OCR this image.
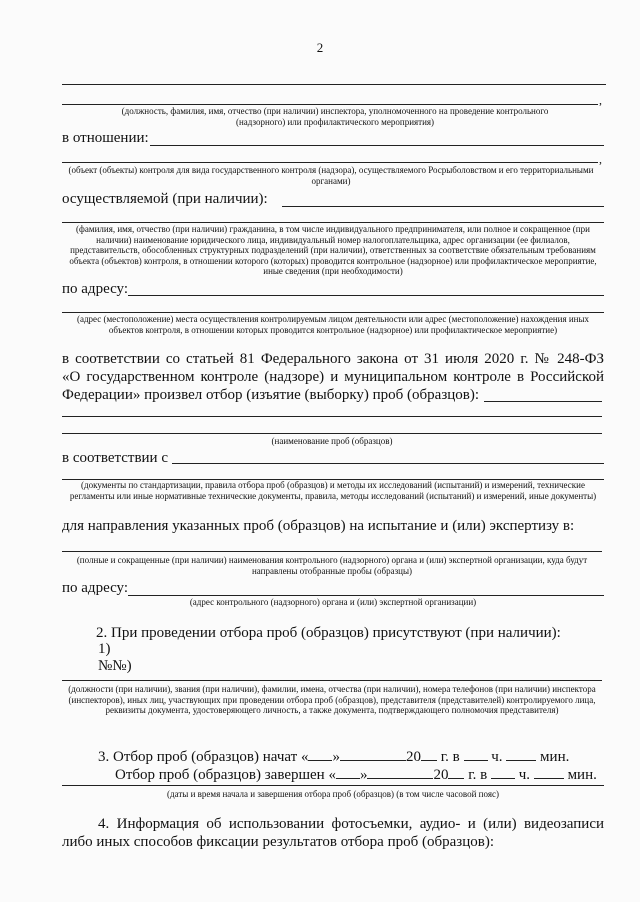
2
,
(должность, фамилия, имя, отчество (при наличии) инспектора, уполномоченного на проведение контрольного (надзорного) или профилактического мероприятия)
в отношении:
,
(объект (объекты) контроля для вида государственного контроля (надзора), осуществляемого Росрыболовством и его территориальными органами)
осуществляемой (при наличии):
(фамилия, имя, отчество (при наличии) гражданина, в том числе индивидуального предпринимателя, или полное и сокращенное (при наличии) наименование юридического лица, индивидуальный номер налогоплательщика, адрес организации (ее филиалов, представительств, обособленных структурных подразделений (при наличии), ответственных за соответствие обязательным требованиям объекта (объектов) контроля, в отношении которого (которых) проводится контрольное (надзорное) или профилактическое мероприятие, иные сведения (при необходимости)
по адресу:
(адрес (местоположение) места осуществления контролируемым лицом деятельности или адрес (местоположение) нахождения иных объектов контроля, в отношении которых проводится контрольное (надзорное) или профилактическое мероприятие)
в соответствии со статьей 81 Федерального закона от 31 июля 2020 г. № 248-ФЗ
«О государственном контроле (надзоре) и муниципальном контроле в Российской
Федерации» произвел отбор (изъятие (выборку) проб (образцов):
(наименование проб (образцов)
в соответствии с
(документы по стандартизации, правила отбора проб (образцов) и методы их исследований (испытаний) и измерений, технические регламенты или иные нормативные технические документы, правила, методы исследований (испытаний) и измерений, иные документы)
для направления указанных проб (образцов) на испытание и (или) экспертизу в:
(полные и сокращенные (при наличии) наименования контрольного (надзорного) органа и (или) экспертной организации, куда будут направлены отобранные пробы (образцы)
по адресу:
(адрес контрольного (надзорного) органа и (или) экспертной организации)
2. При проведении отбора проб (образцов) присутствуют (при наличии):
1)
№№)
(должности (при наличии), звания (при наличии), фамилии, имена, отчества (при наличии), номера телефонов (при наличии) инспектора (инспекторов), иных лиц, участвующих при проведении отбора проб (образцов), представителя (представителей) контролируемого лица, реквизиты документа, удостоверяющего личность, а также документа, подтверждающего полномочия представителя)
3. Отбор проб (образцов) начат « »	20 г. в ч.	мин.
Отбор проб (образцов) завершен « »	20 г. в ч.	мин.
(даты и время начала и завершения отбора проб (образцов) (в том числе часовой пояс)
4. Информация об использовании фотосъемки, аудио- и (или) видеозаписи
либо иных способов фиксации результатов отбора проб (образцов):
